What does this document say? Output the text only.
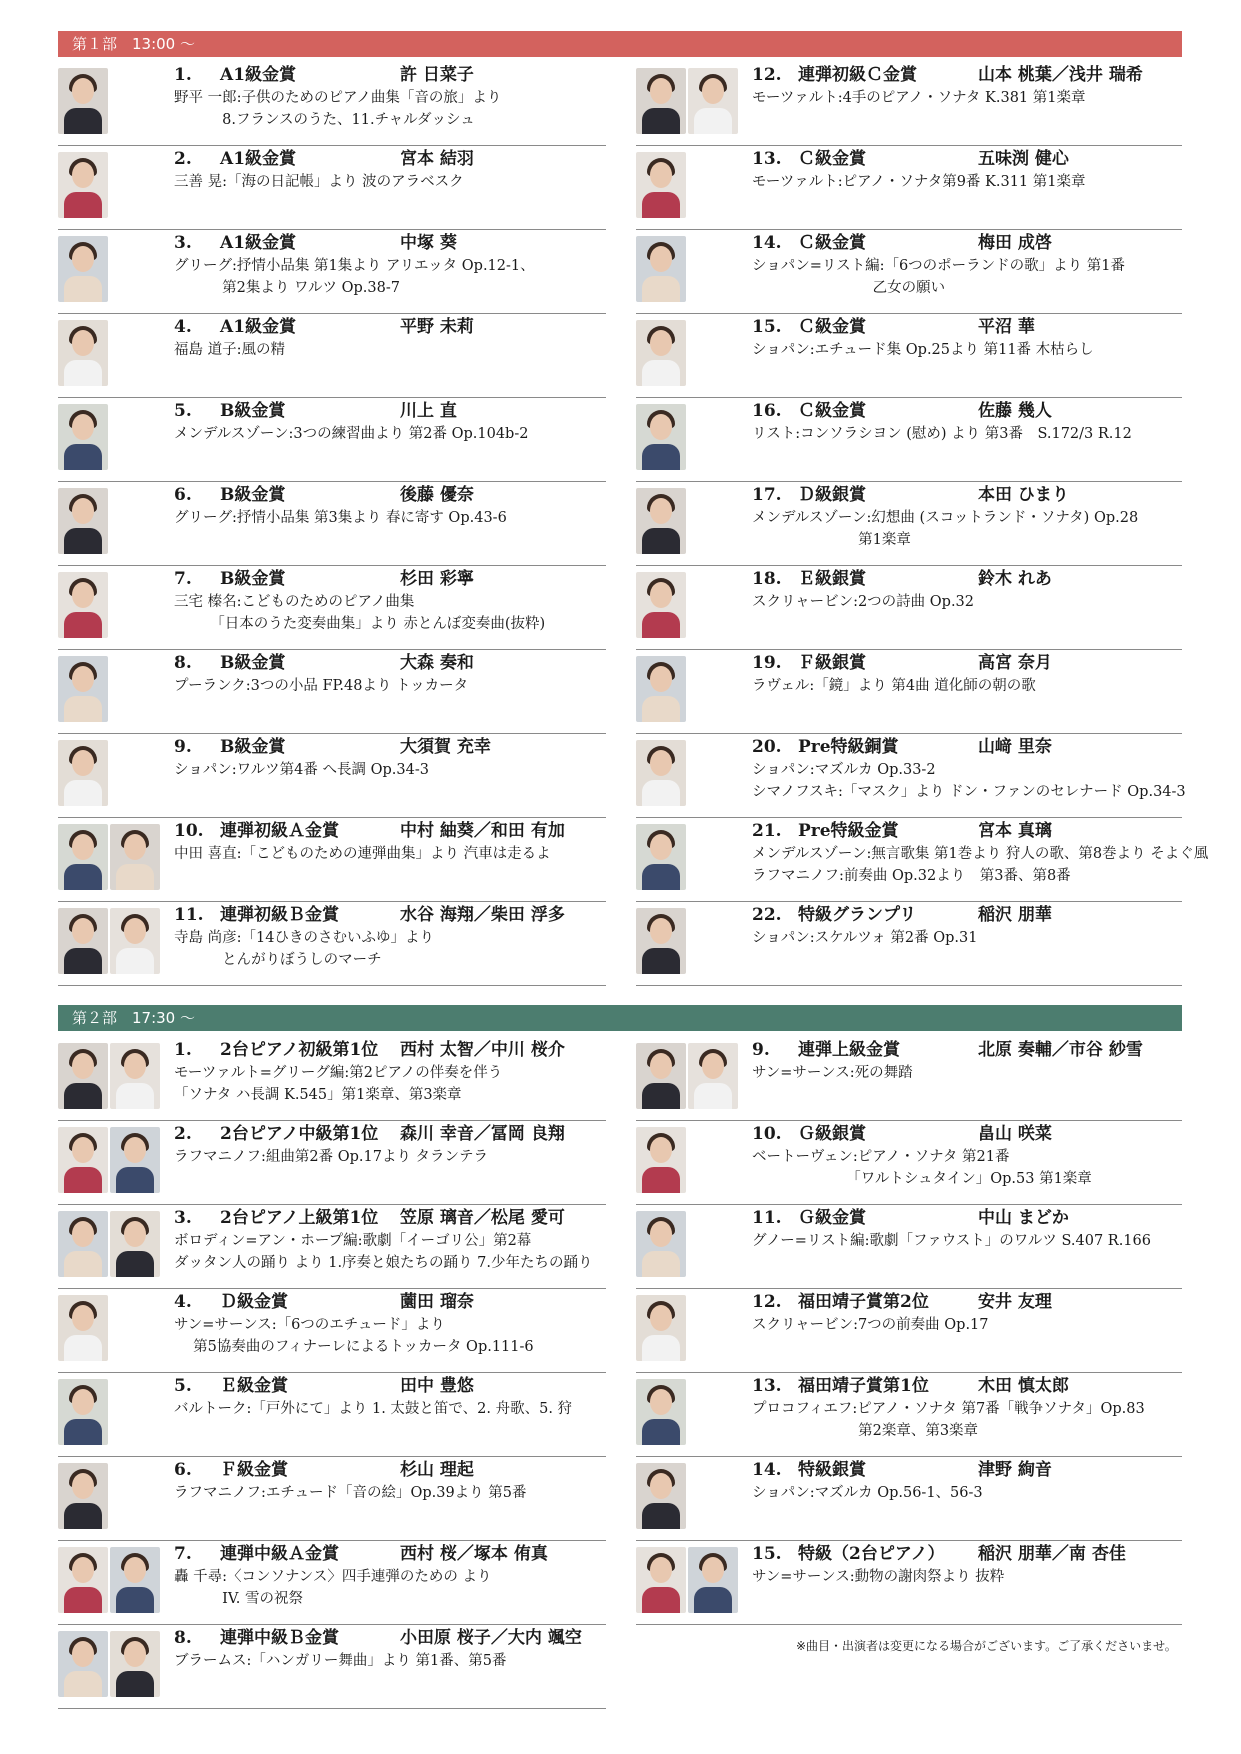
第１部　13:00 〜
第２部　17:30 〜
1. A1級金賞	許 日菜子
野平 一郎:子供のためのピアノ曲集「音の旅」より
　　　 8.フランスのうた、11.チャルダッシュ
2. A1級金賞	宮本 結羽
三善 晃:「海の日記帳」より 波のアラベスク
3. A1級金賞	中塚 葵
グリーグ:抒情小品集 第1集より アリエッタ Op.12-1、
　　　 第2集より ワルツ Op.38-7
4. A1級金賞	平野 未莉
福島 道子:風の精
5. B級金賞	川上 直
メンデルスゾーン:3つの練習曲より 第2番 Op.104b-2
6. B級金賞	後藤 優奈
グリーグ:抒情小品集 第3集より 春に寄す Op.43-6
7. B級金賞	杉田 彩寧
三宅 榛名:こどものためのピアノ曲集
　　　「日本のうた変奏曲集」より 赤とんぼ変奏曲(抜粋)
8. B級金賞	大森 奏和
プーランク:3つの小品 FP.48より トッカータ
9. B級金賞	大須賀 充幸
ショパン:ワルツ第4番 へ長調 Op.34-3
10. 連弾初級Ａ金賞	中村 紬葵／和田 有加
中田 喜直:「こどものための連弾曲集」より 汽車は走るよ
11. 連弾初級Ｂ金賞	水谷 海翔／柴田 浮多
寺島 尚彦:「14ひきのさむいふゆ」より
　　　 とんがりぼうしのマーチ
12. 連弾初級Ｃ金賞	山本 桃葉／浅井 瑞希
モーツァルト:4手のピアノ・ソナタ K.381 第1楽章
13. Ｃ級金賞	五味渕 健心
モーツァルト:ピアノ・ソナタ第9番 K.311 第1楽章
14. Ｃ級金賞	梅田 成啓
ショパン=リスト編:「6つのポーランドの歌」より 第1番
　　　　　　　　 乙女の願い
15. Ｃ級金賞	平沼 華
ショパン:エチュード集 Op.25より 第11番 木枯らし
16. Ｃ級金賞	佐藤 幾人
リスト:コンソラシヨン (慰め) より 第3番　S.172/3 R.12
17. Ｄ級銀賞	本田 ひまり
メンデルスゾーン:幻想曲 (スコットランド・ソナタ) Op.28
　　　　　　　 第1楽章
18. Ｅ級銀賞	鈴木 れあ
スクリャービン:2つの詩曲 Op.32
19. Ｆ級銀賞	高宮 奈月
ラヴェル:「鏡」より 第4曲 道化師の朝の歌
20. Pre特級銅賞	山﨑 里奈
ショパン:マズルカ Op.33-2
シマノフスキ:「マスク」より ドン・ファンのセレナード Op.34-3
21. Pre特級金賞	宮本 真璃
メンデルスゾーン:無言歌集 第1巻より 狩人の歌、第8巻より そよぐ風
ラフマニノフ:前奏曲 Op.32より　第3番、第8番
22. 特級グランプリ	稲沢 朋華
ショパン:スケルツォ 第2番 Op.31
1. 2台ピアノ初級第1位 西村 太智／中川 桜介
モーツァルト=グリーグ編:第2ピアノの伴奏を伴う
「ソナタ ハ長調 K.545」第1楽章、第3楽章
2. 2台ピアノ中級第1位 森川 幸音／冨岡 良翔
ラフマニノフ:組曲第2番 Op.17より タランテラ
3. 2台ピアノ上級第1位 笠原 璃音／松尾 愛可
ボロディン=アン・ホープ編:歌劇「イーゴリ公」第2幕
ダッタン人の踊り より 1.序奏と娘たちの踊り 7.少年たちの踊り
4. Ｄ級金賞	薗田 瑠奈
サン=サーンス:「6つのエチュード」より
　 第5協奏曲のフィナーレによるトッカータ Op.111-6
5. Ｅ級金賞	田中 豊悠
バルトーク:「戸外にて」より 1. 太鼓と笛で、2. 舟歌、5. 狩
6. Ｆ級金賞	杉山 理起
ラフマニノフ:エチュード「音の絵」Op.39より 第5番
7. 連弾中級Ａ金賞	西村 桜／塚本 侑真
轟 千尋:〈コンソナンス〉四手連弾のための より
　　　 IV. 雪の祝祭
8. 連弾中級Ｂ金賞	小田原 桜子／大内 颯空
ブラームス:「ハンガリー舞曲」より 第1番、第5番
9. 連弾上級金賞	北原 奏輔／市谷 紗雪
サン=サーンス:死の舞踏
10. Ｇ級銀賞	畠山 咲菜
ベートーヴェン:ピアノ・ソナタ 第21番
　　　　　　　「ワルトシュタイン」Op.53 第1楽章
11. Ｇ級金賞	中山 まどか
グノー=リスト編:歌劇「ファウスト」のワルツ S.407 R.166
12. 福田靖子賞第2位	安井 友理
スクリャービン:7つの前奏曲 Op.17
13. 福田靖子賞第1位	木田 慎太郎
プロコフィエフ:ピアノ・ソナタ 第7番「戦争ソナタ」Op.83
　　　　　　　 第2楽章、第3楽章
14. 特級銀賞	津野 絢音
ショパン:マズルカ Op.56-1、56-3
15. 特級（2台ピアノ） 稲沢 朋華／南 杏佳
サン=サーンス:動物の謝肉祭より 抜粋
※曲目・出演者は変更になる場合がございます。ご了承くださいませ。
